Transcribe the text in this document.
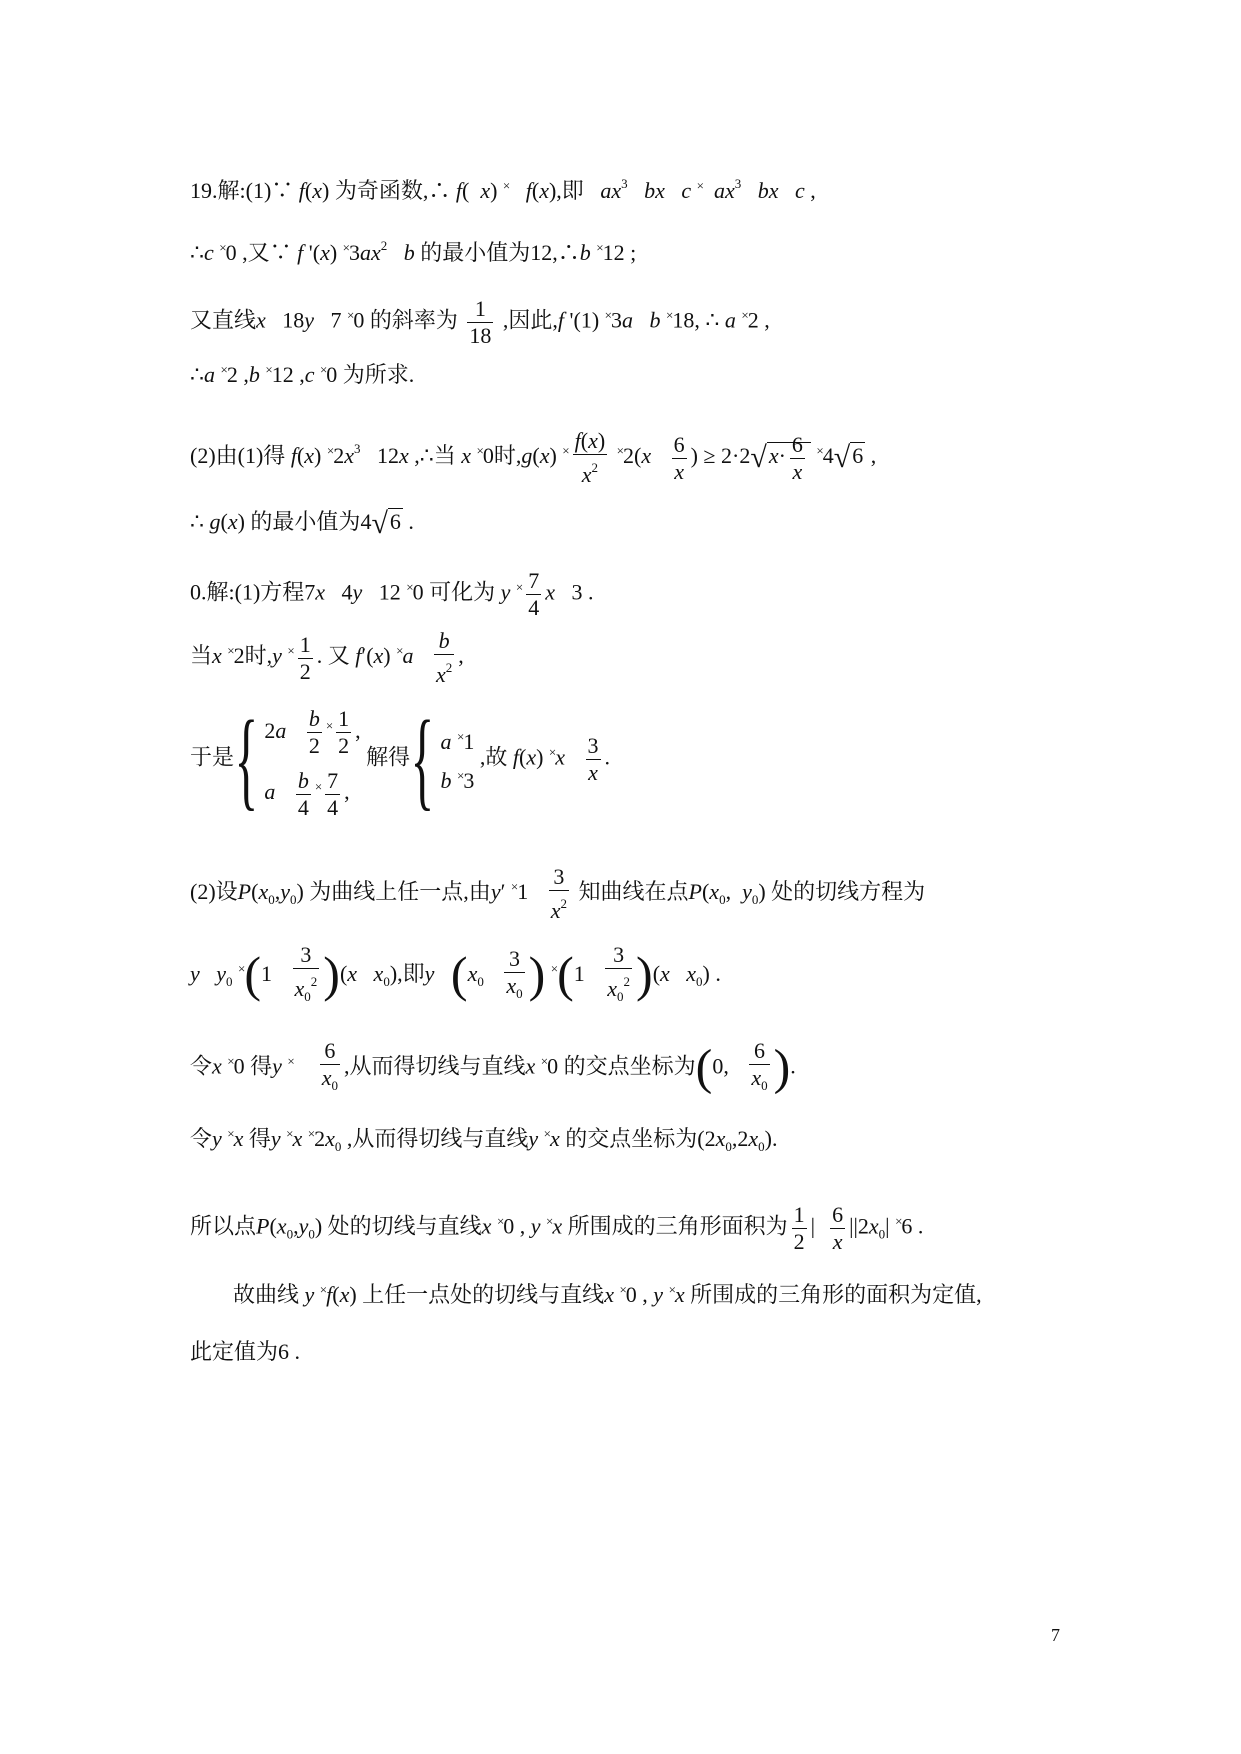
19.解:(1)∵ f(x) 为奇函数,∴ f(  x) × f(x),即 $ax^3$ bx c × $ax^3$ bx c ,
∴c ×0 ,又∵ f '(x) $^\times 3ax^2$ b 的最小值为12,∴b ×12 ;
又直线x   18y   7 ×0 的斜率为 $\frac{1}{18}$ ,因此,f '(1) ×3a b ×18, ∴ a ×2 ,
∴a ×2 ,b ×12 ,c ×0 为所求.
(2)由(1)得 f(x) $^\times 2x^3$   12x ,∴当 x ×0时,g(x) $^\times \frac{f(x)}{x^2} ^\times 2(x \frac{6}{x}$ ) ≥ $2\cdot 2√x\cdot \frac{6}{x} ^\times 4√6$ ,
∴ g(x) 的最小值为4√6 .
0.解:(1)方程7x   4y   12 ×0 可化为 y $^\times \frac{7}{4}$ x   3 .
当x ×2时,y $^\times \frac{1}{2}$ . 又 f′(x) $^\times a \frac{b}{x^2}$ ,
于是{ $2a \frac{b}{2} ^\times \frac{1}{2}$ ,
a $\frac{b}{4} ^\times \frac{7}{4}$ ,
解得{ a ×1
b ×3
,故 f(x) $^\times x \frac{3}{x}$ .
(2)设$P(x_0,y_0)$ 为曲线上任一点,由y′ $^\times 1 \frac{3}{x^2}$ 知曲线在点$P(x_0$,  $y_0$) 处的切线方程为
y $y_0$ $^\times(1 \frac{3}{x_0^2} )(x$ $x_0$),即y ($x_0 \frac{3}{x_0}$ ) $^\times(1 \frac{3}{x_0^2} )(x$ $x_0$) .
令x ×0 得y $^\times \frac{6}{x_0}$ ,从而得切线与直线x ×0 的交点坐标为(0, $\frac{6}{x_0}$ ).
令y ×x 得y ×x $^\times 2x_0$ ,从而得切线与直线y ×x 的交点坐标为$(2x_0,2x_0)$.
所以点$P(x_0,y_0)$ 处的切线与直线x ×0 , y ×x 所围成的三角形面积为 $\frac{1}{2}$ | $\frac{6}{x} ||2x_0|$ ×6 .
故曲线 y ×f(x) 上任一点处的切线与直线x ×0 , y ×x 所围成的三角形的面积为定值,
此定值为6 .
7
